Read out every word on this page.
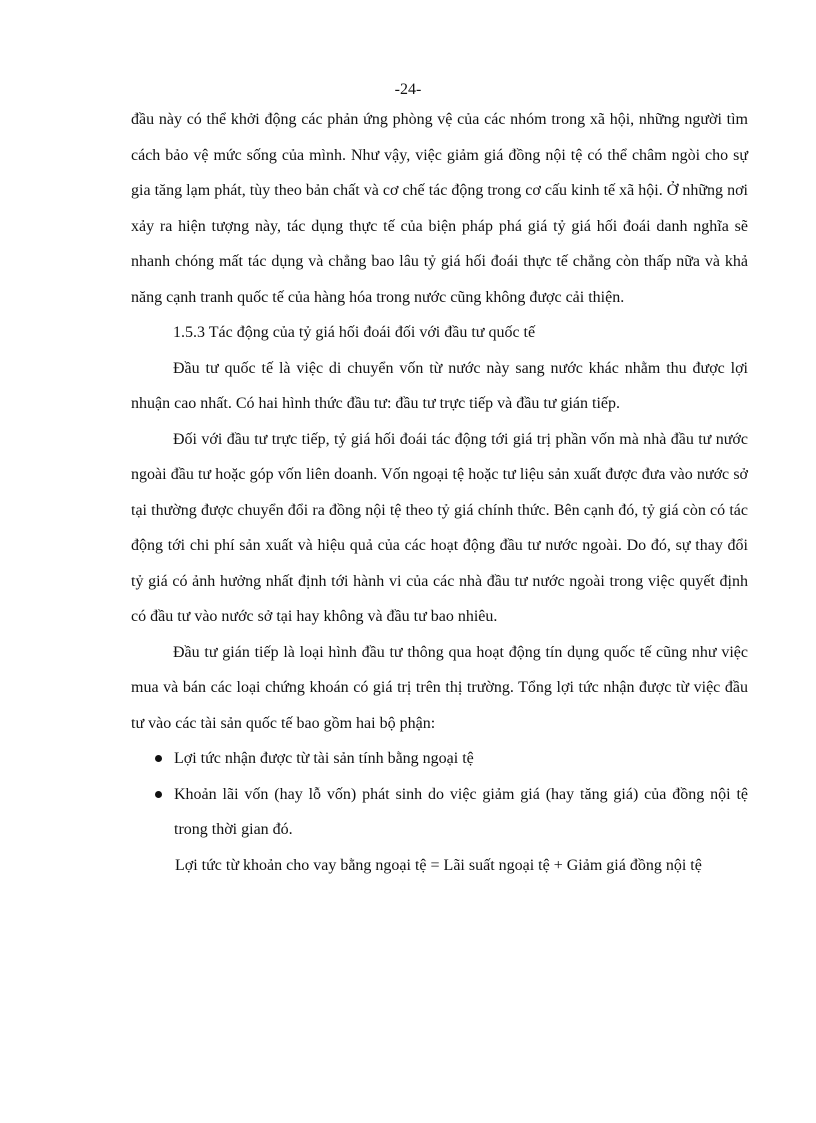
-24-

đầu này có thể khởi động các phản ứng phòng vệ của các nhóm trong xã hội, những người tìm cách bảo vệ mức sống của mình. Như vậy, việc giảm giá đồng nội tệ có thể châm ngòi cho sự gia tăng lạm phát, tùy theo bản chất và cơ chế tác động trong cơ cấu kinh tế xã hội. Ở những nơi xảy ra hiện tượng này, tác dụng thực tế của biện pháp phá giá tỷ giá hối đoái danh nghĩa sẽ nhanh chóng mất tác dụng và chẳng bao lâu tỷ giá hối đoái thực tế chẳng còn thấp nữa và khả năng cạnh tranh quốc tế của hàng hóa trong nước cũng không được cải thiện.

1.5.3 Tác động của tỷ giá hối đoái đối với đầu tư quốc tế

Đầu tư quốc tế là việc di chuyển vốn từ nước này sang nước khác nhằm thu được lợi nhuận cao nhất. Có hai hình thức đầu tư: đầu tư trực tiếp và đầu tư gián tiếp.

Đối với đầu tư trực tiếp, tỷ giá hối đoái tác động tới giá trị phần vốn mà nhà đầu tư nước ngoài đầu tư hoặc góp vốn liên doanh. Vốn ngoại tệ hoặc tư liệu sản xuất được đưa vào nước sở tại thường được chuyển đổi ra đồng nội tệ theo tỷ giá chính thức. Bên cạnh đó, tỷ giá còn có tác động tới chi phí sản xuất và hiệu quả của các hoạt động đầu tư nước ngoài. Do đó, sự thay đổi tỷ giá có ảnh hưởng nhất định tới hành vi của các nhà đầu tư nước ngoài trong việc quyết định có đầu tư vào nước sở tại hay không và đầu tư bao nhiêu.

Đầu tư gián tiếp là loại hình đầu tư thông qua hoạt động tín dụng quốc tế cũng như việc mua và bán các loại chứng khoán có giá trị trên thị trường. Tổng lợi tức nhận được từ việc đầu tư vào các tài sản quốc tế bao gồm hai bộ phận:

Lợi tức nhận được từ tài sản tính bằng ngoại tệ
Khoản lãi vốn (hay lỗ vốn) phát sinh do việc giảm giá (hay tăng giá) của đồng nội tệ trong thời gian đó.

Lợi tức từ khoản cho vay bằng ngoại tệ = Lãi suất ngoại tệ + Giảm giá đồng nội tệ
